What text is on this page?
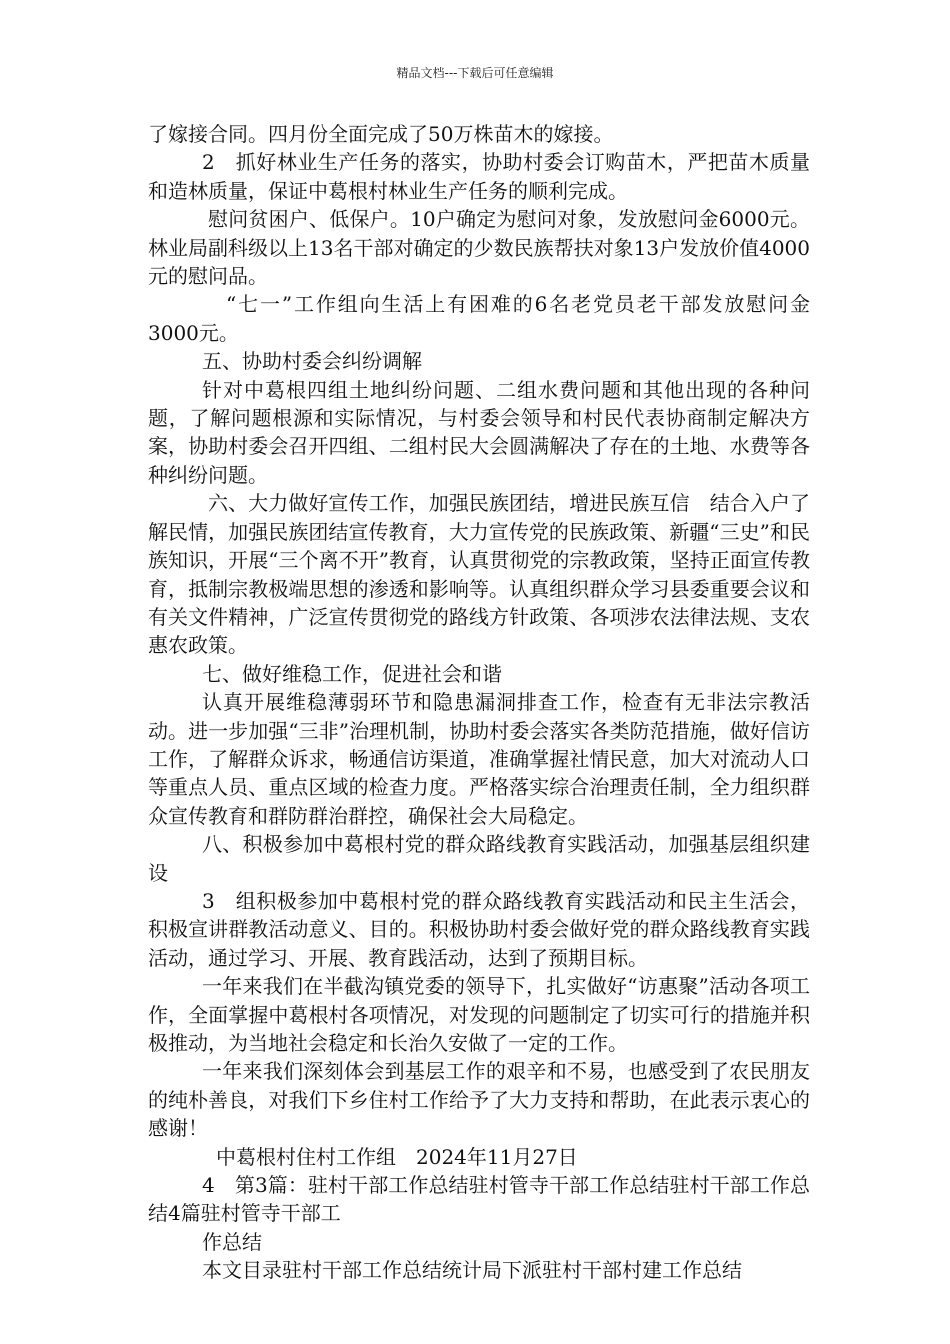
精品文档---下载后可任意编辑

了嫁接合同。四月份全面完成了50万株苗木的嫁接。

2　抓好林业生产任务的落实，协助村委会订购苗木，严把苗木质量和造林质量，保证中葛根村林业生产任务的顺利完成。

慰问贫困户、低保户。10户确定为慰问对象，发放慰问金6000元。林业局副科级以上13名干部对确定的少数民族帮扶对象13户发放价值4000元的慰问品。

“七一”工作组向生活上有困难的6名老党员老干部发放慰问金3000元。

五、协助村委会纠纷调解

针对中葛根四组土地纠纷问题、二组水费问题和其他出现的各种问题，了解问题根源和实际情况，与村委会领导和村民代表协商制定解决方案，协助村委会召开四组、二组村民大会圆满解决了存在的土地、水费等各种纠纷问题。

六、大力做好宣传工作，加强民族团结，增进民族互信　结合入户了解民情，加强民族团结宣传教育，大力宣传党的民族政策、新疆“三史”和民族知识，开展“三个离不开”教育，认真贯彻党的宗教政策，坚持正面宣传教育，抵制宗教极端思想的渗透和影响等。认真组织群众学习县委重要会议和有关文件精神，广泛宣传贯彻党的路线方针政策、各项涉农法律法规、支农惠农政策。

七、做好维稳工作，促进社会和谐

认真开展维稳薄弱环节和隐患漏洞排查工作，检查有无非法宗教活动。进一步加强“三非”治理机制，协助村委会落实各类防范措施，做好信访工作，了解群众诉求，畅通信访渠道，准确掌握社情民意，加大对流动人口等重点人员、重点区域的检查力度。严格落实综合治理责任制，全力组织群众宣传教育和群防群治群控，确保社会大局稳定。

八、积极参加中葛根村党的群众路线教育实践活动，加强基层组织建设

3　组积极参加中葛根村党的群众路线教育实践活动和民主生活会，积极宣讲群教活动意义、目的。积极协助村委会做好党的群众路线教育实践活动，通过学习、开展、教育践活动，达到了预期目标。

一年来我们在半截沟镇党委的领导下，扎实做好“访惠聚”活动各项工作，全面掌握中葛根村各项情况，对发现的问题制定了切实可行的措施并积极推动，为当地社会稳定和长治久安做了一定的工作。

一年来我们深刻体会到基层工作的艰辛和不易，也感受到了农民朋友的纯朴善良，对我们下乡住村工作给予了大力支持和帮助，在此表示衷心的感谢！

中葛根村住村工作组　2024年11月27日

4　第3篇：驻村干部工作总结驻村管寺干部工作总结驻村干部工作总结4篇驻村管寺干部工

作总结

本文目录驻村干部工作总结统计局下派驻村干部村建工作总结
